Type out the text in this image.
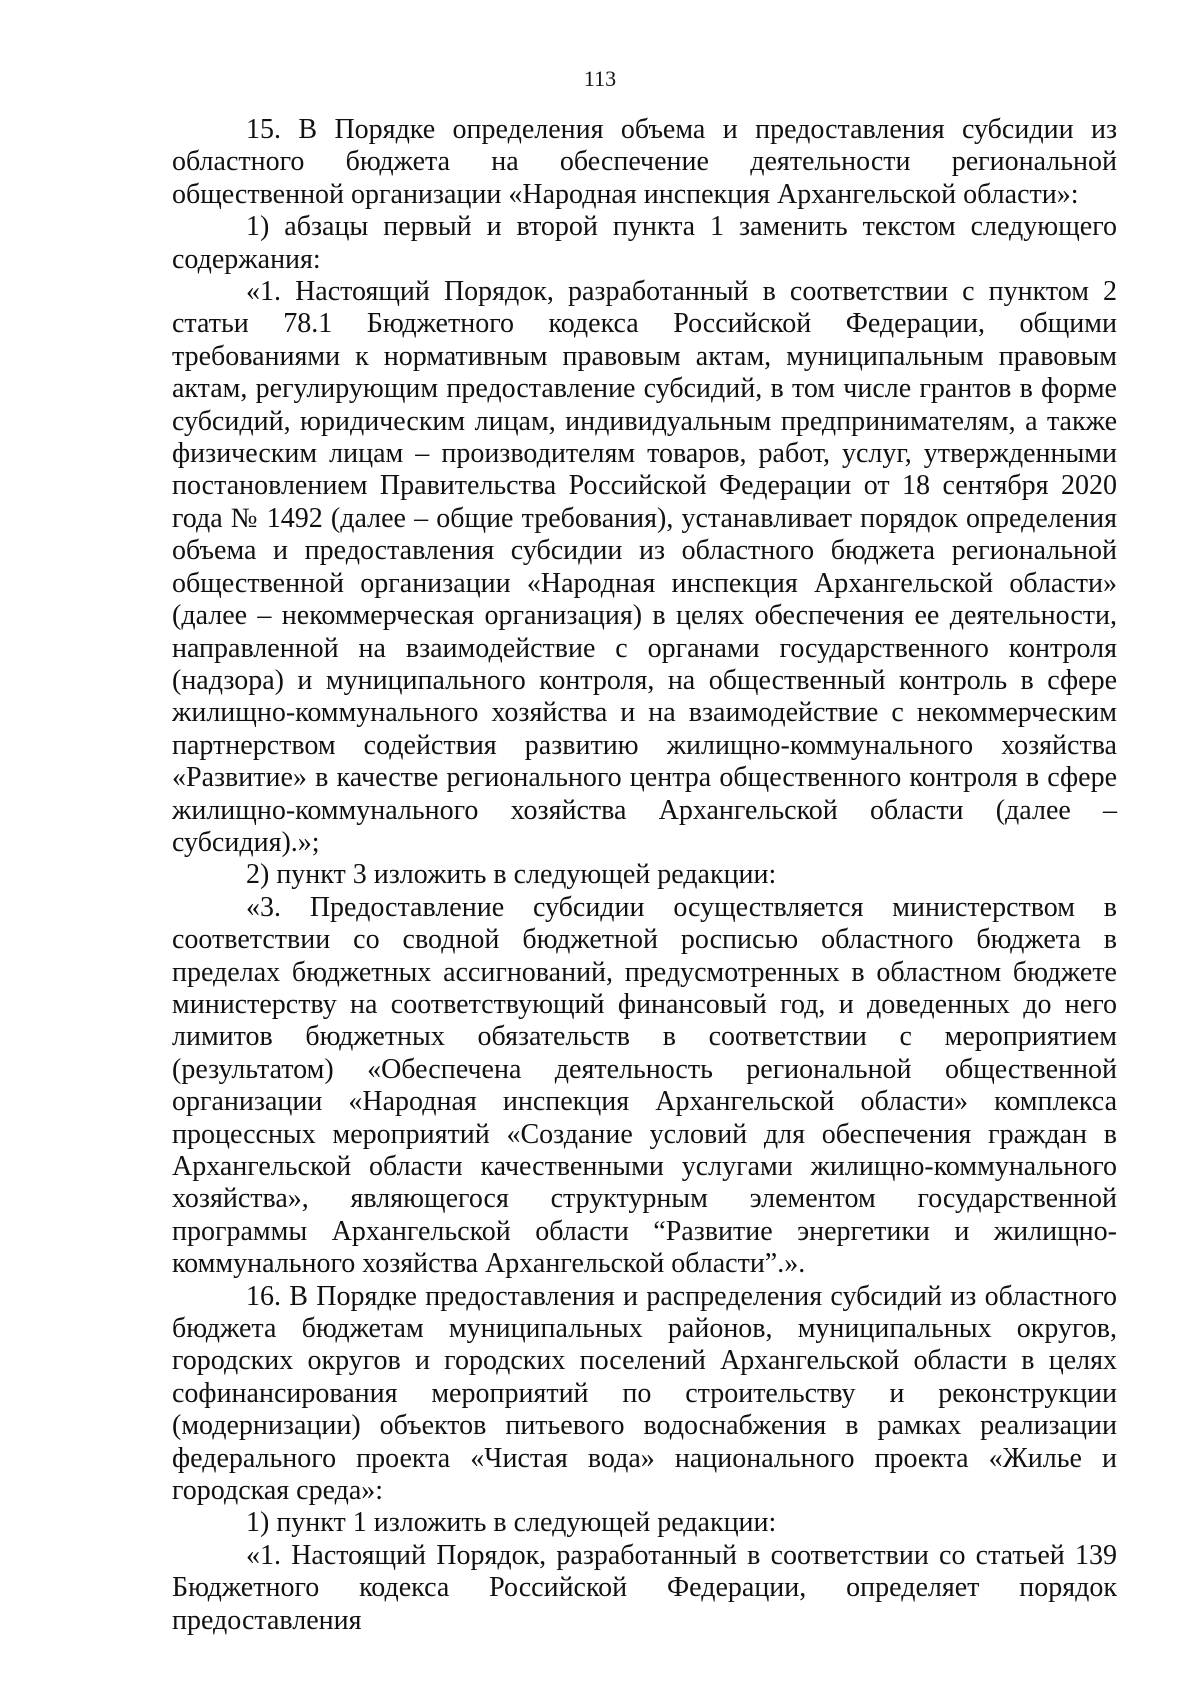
113

15. В Порядке определения объема и предоставления субсидии из областного бюджета на обеспечение деятельности региональной общественной организации «Народная инспекция Архангельской области»:

1) абзацы первый и второй пункта 1 заменить текстом следующего содержания:

«1. Настоящий Порядок, разработанный в соответствии с пунктом 2 статьи 78.1 Бюджетного кодекса Российской Федерации, общими требованиями к нормативным правовым актам, муниципальным правовым актам, регулирующим предоставление субсидий, в том числе грантов в форме субсидий, юридическим лицам, индивидуальным предпринимателям, а также физическим лицам – производителям товаров, работ, услуг, утвержденными постановлением Правительства Российской Федерации от 18 сентября 2020 года № 1492 (далее – общие требования), устанавливает порядок определения объема и предоставления субсидии из областного бюджета региональной общественной организации «Народная инспекция Архангельской области» (далее – некоммерческая организация) в целях обеспечения ее деятельности, направленной на взаимодействие с органами государственного контроля (надзора) и муниципального контроля, на общественный контроль в сфере жилищно-коммунального хозяйства и на взаимодействие с некоммерческим партнерством содействия развитию жилищно-коммунального хозяйства «Развитие» в качестве регионального центра общественного контроля в сфере жилищно-коммунального хозяйства Архангельской области (далее – субсидия).»;

2) пункт 3 изложить в следующей редакции:

«3. Предоставление субсидии осуществляется министерством в соответствии со сводной бюджетной росписью областного бюджета в пределах бюджетных ассигнований, предусмотренных в областном бюджете министерству на соответствующий финансовый год, и доведенных до него лимитов бюджетных обязательств в соответствии с мероприятием (результатом) «Обеспечена деятельность региональной общественной организации «Народная инспекция Архангельской области» комплекса процессных мероприятий «Создание условий для обеспечения граждан в Архангельской области качественными услугами жилищно-коммунального хозяйства», являющегося структурным элементом государственной программы Архангельской области “Развитие энергетики и жилищно-коммунального хозяйства Архангельской области”.».

16. В Порядке предоставления и распределения субсидий из областного бюджета бюджетам муниципальных районов, муниципальных округов, городских округов и городских поселений Архангельской области в целях софинансирования мероприятий по строительству и реконструкции (модернизации) объектов питьевого водоснабжения в рамках реализации федерального проекта «Чистая вода» национального проекта «Жилье и городская среда»:

1) пункт 1 изложить в следующей редакции:

«1. Настоящий Порядок, разработанный в соответствии со статьей 139 Бюджетного кодекса Российской Федерации, определяет порядок предоставления
